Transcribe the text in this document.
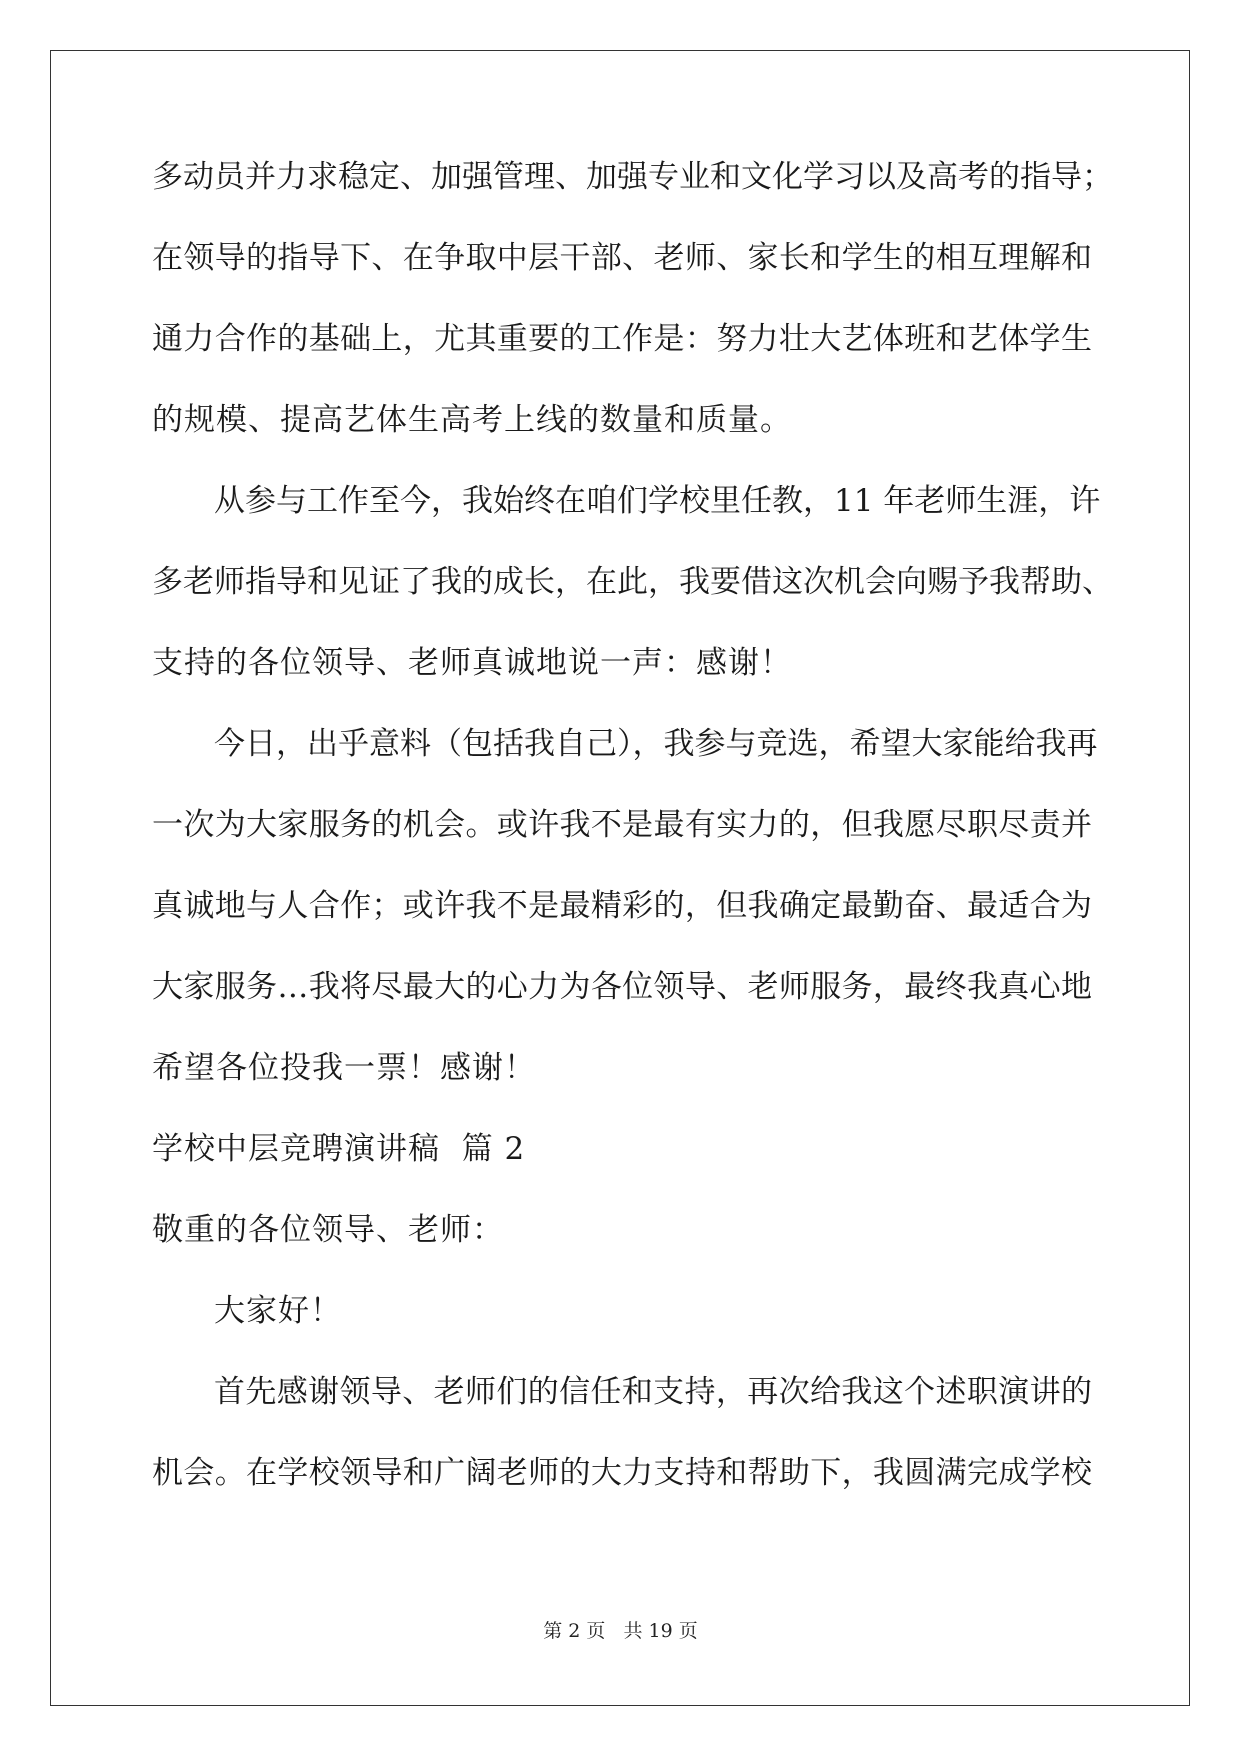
多动员并力求稳定、加强管理、加强专业和文化学习以及高考的指导；
在领导的指导下、在争取中层干部、老师、家长和学生的相互理解和
通力合作的基础上，尤其重要的工作是：努力壮大艺体班和艺体学生
的规模、提高艺体生高考上线的数量和质量。
从参与工作至今，我始终在咱们学校里任教，11 年老师生涯，许
多老师指导和见证了我的成长，在此，我要借这次机会向赐予我帮助、
支持的各位领导、老师真诚地说一声：感谢！
今日，出乎意料（包括我自己），我参与竞选，希望大家能给我再
一次为大家服务的机会。或许我不是最有实力的，但我愿尽职尽责并
真诚地与人合作；或许我不是最精彩的，但我确定最勤奋、最适合为
大家服务…我将尽最大的心力为各位领导、老师服务，最终我真心地
希望各位投我一票！感谢！
学校中层竞聘演讲稿  篇 2
敬重的各位领导、老师：
大家好！
首先感谢领导、老师们的信任和支持，再次给我这个述职演讲的
机会。在学校领导和广阔老师的大力支持和帮助下，我圆满完成学校
第 2 页 共 19 页
